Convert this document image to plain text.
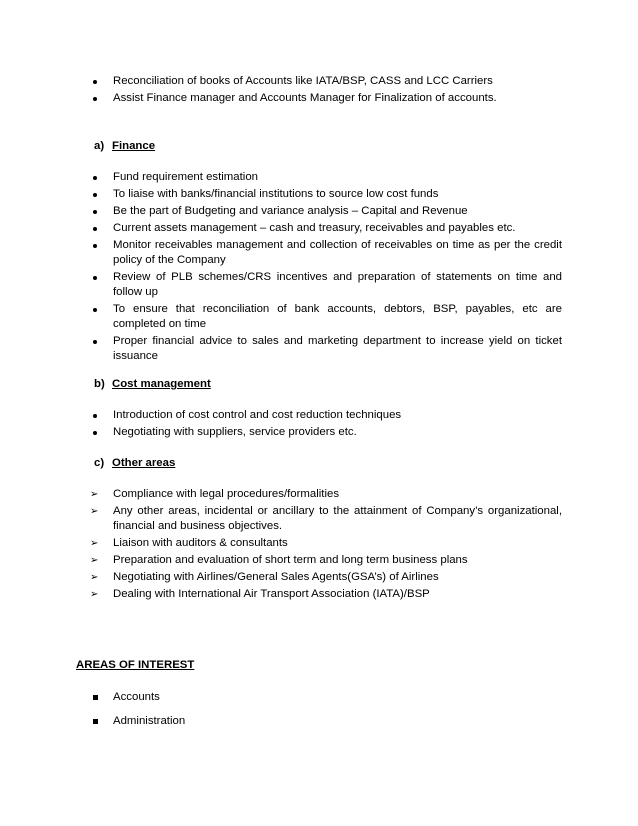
Reconciliation of books of Accounts like IATA/BSP, CASS and LCC Carriers
Assist Finance manager and Accounts Manager for Finalization of accounts.
a) Finance
Fund requirement estimation
To liaise with banks/financial institutions to source low cost funds
Be the part of Budgeting and variance analysis – Capital and Revenue
Current assets management – cash and treasury, receivables and payables etc.
Monitor receivables management and collection of receivables on time as per the credit policy of the Company
Review of PLB schemes/CRS incentives and preparation of statements on time and follow up
To ensure that reconciliation of bank accounts, debtors, BSP, payables, etc are completed on time
Proper financial advice to sales and marketing department to increase yield on ticket issuance
b) Cost management
Introduction of cost control and cost reduction techniques
Negotiating with suppliers, service providers etc.
c) Other areas
➢ Compliance with legal procedures/formalities
➢ Any other areas, incidental or ancillary to the attainment of Company’s organizational, financial and business objectives.
➢ Liaison with auditors & consultants
➢ Preparation and evaluation of short term and long term business plans
➢ Negotiating with Airlines/General Sales Agents(GSA’s) of Airlines
➢ Dealing with International Air Transport Association (IATA)/BSP
AREAS OF INTEREST
Accounts
Administration
